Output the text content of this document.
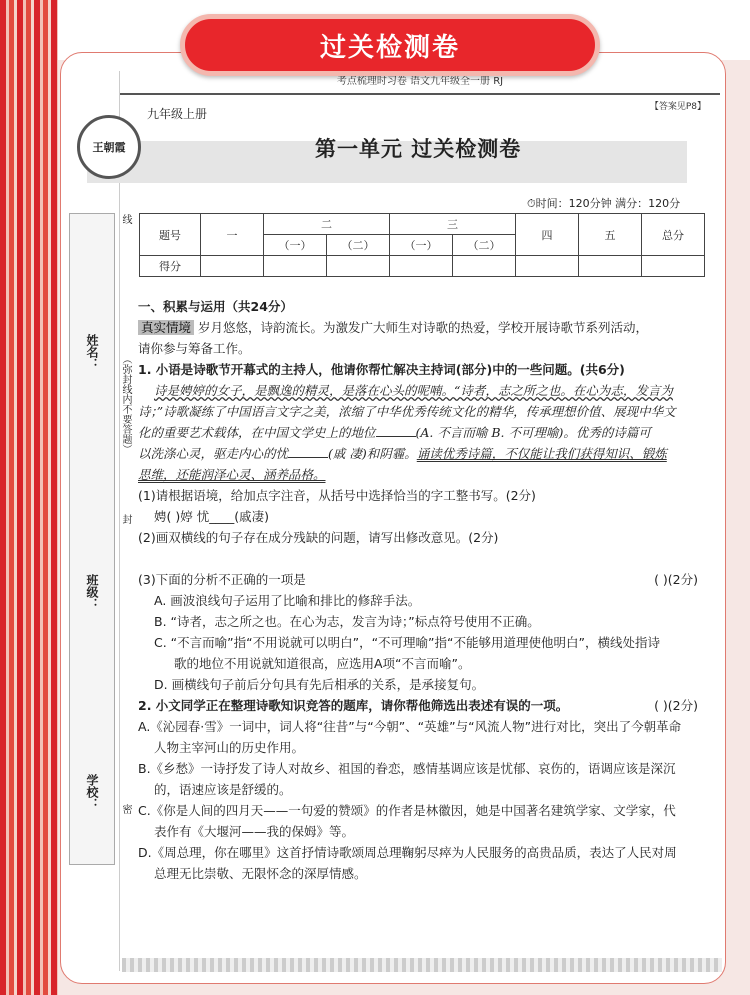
考点梳理时习卷 语文九年级全一册 RJ
【答案见P8】
王朝霞
九年级上册
第一单元 过关检测卷
⏱时间：120分钟 满分：120分
姓名：
班级：
学校：
线
（弥封线内不要答题）
封
密
题号	一	二		三		四	五	总分
		（一）	（二）	（一）	（二）			
得分								
过关检测卷

一、积累与运用（共24分）

真实情境 岁月悠悠，诗韵流长。为激发广大师生对诗歌的热爱，学校开展诗歌节系列活动，

请你参与筹备工作。

1. 小语是诗歌节开幕式的主持人，他请你帮忙解决主持词(部分)中的一些问题。(共6分)

诗是娉婷的女子，是飘逸的精灵，是落在心头的呢喃。“诗者，志之所之也。在心为志，发言为

诗；”诗歌凝练了中国语言文字之美，浓缩了中华优秀传统文化的精华，传承理想价值、展现中华文

化的重要艺术载体，在中国文学史上的地位	(A. 不言而喻 B. 不可理喻)。优秀的诗篇可

以洗涤心灵，驱走内心的忧	(戚 凄)和阴霾。诵读优秀诗篇，不仅能让我们获得知识、锻炼

思维，还能润泽心灵、涵养品格。

(1)请根据语境，给加点字注音，从括号中选择恰当的字工整书写。(2分)

娉( )婷 忧____(戚凄)

(2)画双横线的句子存在成分残缺的问题，请写出修改意见。(2分)

(3)下面的分析不正确的一项是	( )(2分)

A. 画波浪线句子运用了比喻和排比的修辞手法。

B. “诗者，志之所之也。在心为志，发言为诗；”标点符号使用不正确。

C. “不言而喻”指“不用说就可以明白”，“不可理喻”指“不能够用道理使他明白”，横线处指诗

歌的地位不用说就知道很高，应选用A项“不言而喻”。

D. 画横线句子前后分句具有先后相承的关系，是承接复句。

2. 小文同学正在整理诗歌知识竞答的题库，请你帮他筛选出表述有误的一项。	( )(2分)

A.《沁园春·雪》一词中，词人将“往昔”与“今朝”、“英雄”与“风流人物”进行对比，突出了今朝革命

人物主宰河山的历史作用。

B.《乡愁》一诗抒发了诗人对故乡、祖国的眷恋，感情基调应该是忧郁、哀伤的，语调应该是深沉

的，语速应该是舒缓的。

C.《你是人间的四月天——一句爱的赞颂》的作者是林徽因，她是中国著名建筑学家、文学家，代

表作有《大堰河——我的保姆》等。

D.《周总理，你在哪里》这首抒情诗歌颂周总理鞠躬尽瘁为人民服务的高贵品质，表达了人民对周

总理无比崇敬、无限怀念的深厚情感。
